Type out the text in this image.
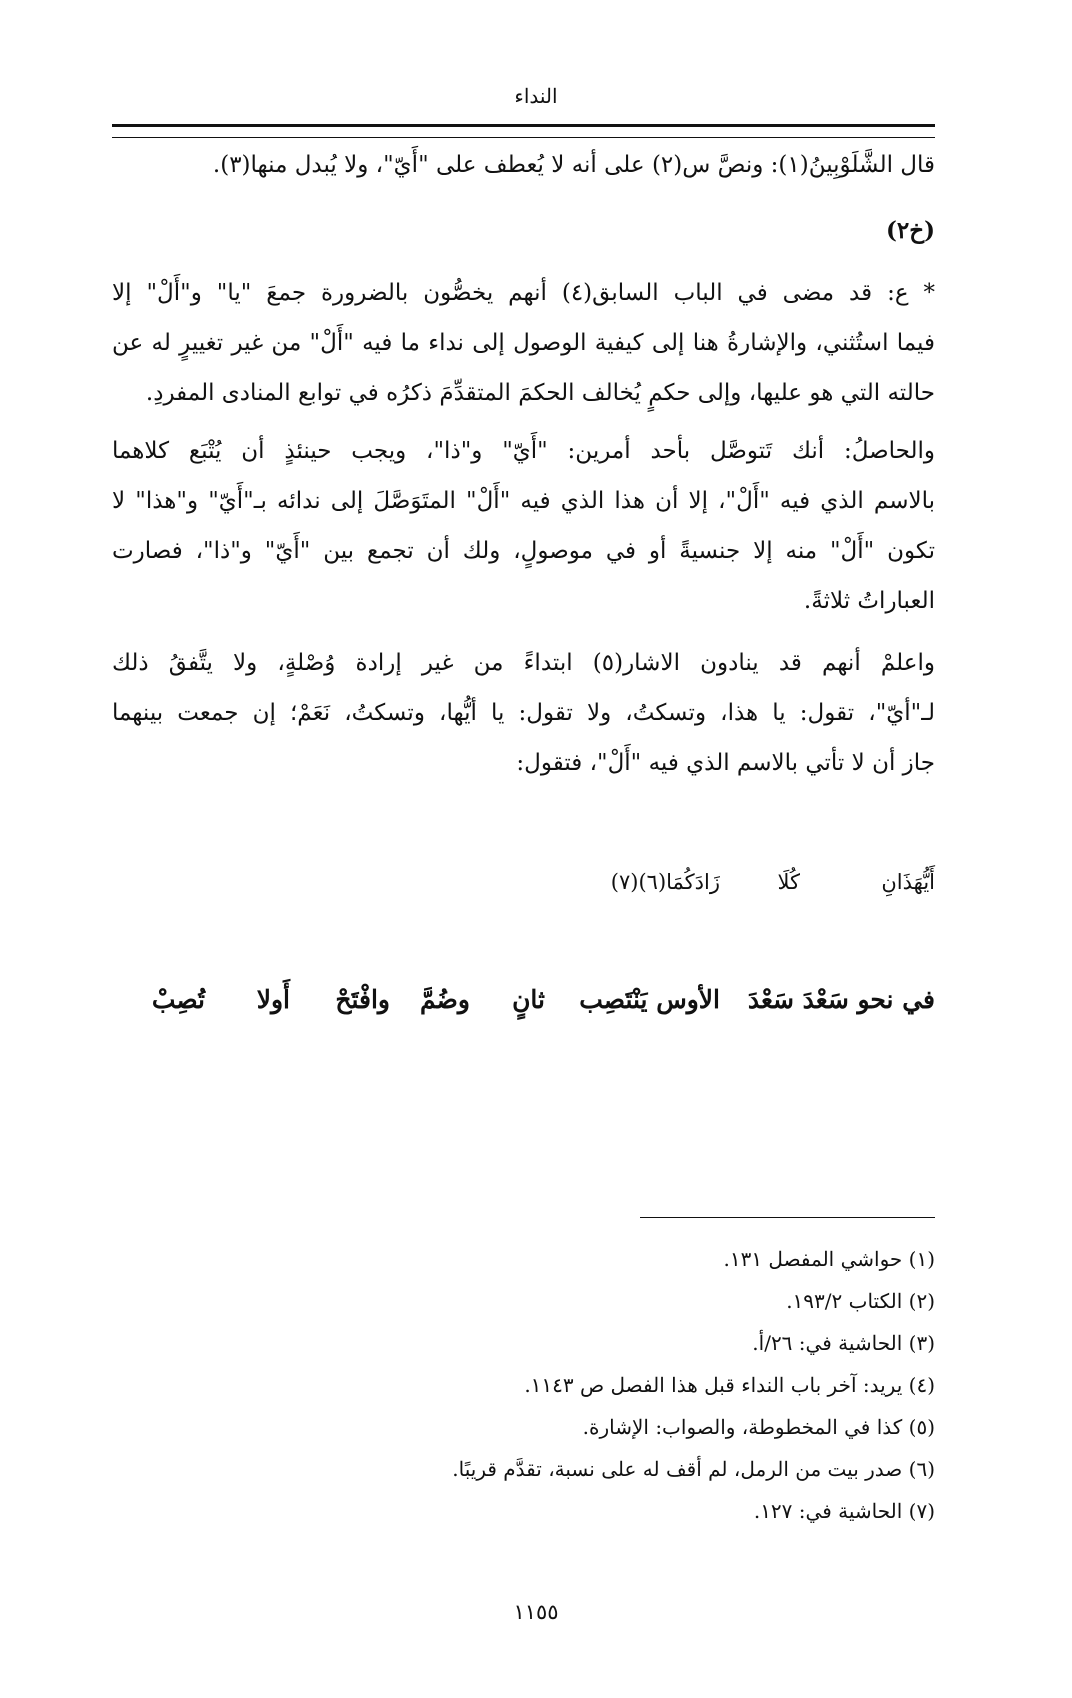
النداء
قال الشَّلَوْبِينُ(١): ونصَّ س(٢) على أنه لا يُعطف على "أَيّ"، ولا يُبدل منها(٣).
(خ٢)
* ع: قد مضى في الباب السابق(٤) أنهم يخصُّون بالضرورة جمعَ "يا" و"أَلْ" إلا
فيما استُثني، والإشارةُ هنا إلى كيفية الوصول إلى نداء ما فيه "أَلْ" من غير تغييرٍ له عن
حالته التي هو عليها، وإلى حكمٍ يُخالف الحكمَ المتقدِّمَ ذكرُه في توابع المنادى المفردِ.
والحاصلُ: أنك تَتوصَّل بأحد أمرين: "أَيّ" و"ذا"، ويجب حينئذٍ أن يُتْبَع كلاهما
بالاسم الذي فيه "أَلْ"، إلا أن هذا الذي فيه "أَلْ" المتَوَصَّلَ إلى ندائه بـ"أَيّ" و"هذا" لا
تكون "أَلْ" منه إلا جنسيةً أو في موصولٍ، ولك أن تجمع بين "أَيّ" و"ذا"، فصارت
العباراتُ ثلاثةً.
واعلمْ أنهم قد ينادون الاشار(٥) ابتداءً من غير إرادة وُصْلةٍ، ولا يتَّفقُ ذلك
لـ"أيّ"، تقول: يا هذا، وتسكتُ، ولا تقول: يا أيُّها، وتسكتُ، نَعَمْ؛ إن جمعت بينهما
جاز أن لا تأتي بالاسم الذي فيه "أَلْ"، فتقول:
أَيُّهَذَانِ
كُلَا
زَادَكُمَا(٦)(٧)
في نحو سَعْدَ سَعْدَ
الأوس يَنْتَصِب
ثانٍ
وضُمَّ
وافْتَحْ
أَولا
تُصِبْ
(١) حواشي المفصل ١٣١.
(٢) الكتاب ١٩٣/٢.
(٣) الحاشية في: ٢٦/أ.
(٤) يريد: آخر باب النداء قبل هذا الفصل ص ١١٤٣.
(٥) كذا في المخطوطة، والصواب: الإشارة.
(٦) صدر بيت من الرمل، لم أقف له على نسبة، تقدَّم قريبًا.
(٧) الحاشية في: ١٢٧.
١١٥٥
